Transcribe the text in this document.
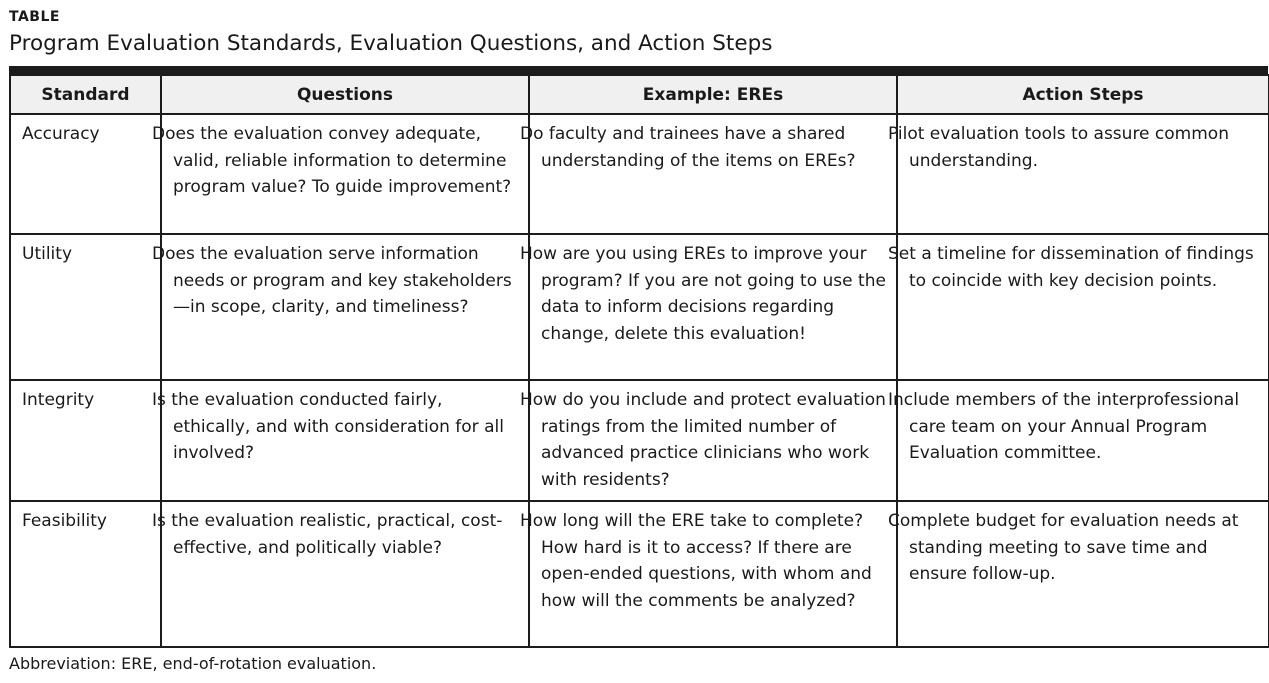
TABLE
Program Evaluation Standards, Evaluation Questions, and Action Steps
Standard	Questions	Example: EREs	Action Steps
Accuracy	Does the evaluation convey adequate, valid, reliable information to determine program value? To guide improvement?	Do faculty and trainees have a shared understanding of the items on EREs?	Pilot evaluation tools to assure common understanding.
Utility	Does the evaluation serve information needs or program and key stakeholders—in scope, clarity, and timeliness?	How are you using EREs to improve your program? If you are not going to use the data to inform decisions regarding change, delete this evaluation!	Set a timeline for dissemination of findings to coincide with key decision points.
Integrity	Is the evaluation conducted fairly, ethically, and with consideration for all involved?	How do you include and protect evaluation ratings from the limited number of advanced practice clinicians who work with residents?	Include members of the interprofessional care team on your Annual Program Evaluation committee.
Feasibility	Is the evaluation realistic, practical, cost-effective, and politically viable?	How long will the ERE take to complete? How hard is it to access? If there are open-ended questions, with whom and how will the comments be analyzed?	Complete budget for evaluation needs at standing meeting to save time and ensure follow-up.
Abbreviation: ERE, end-of-rotation evaluation.
